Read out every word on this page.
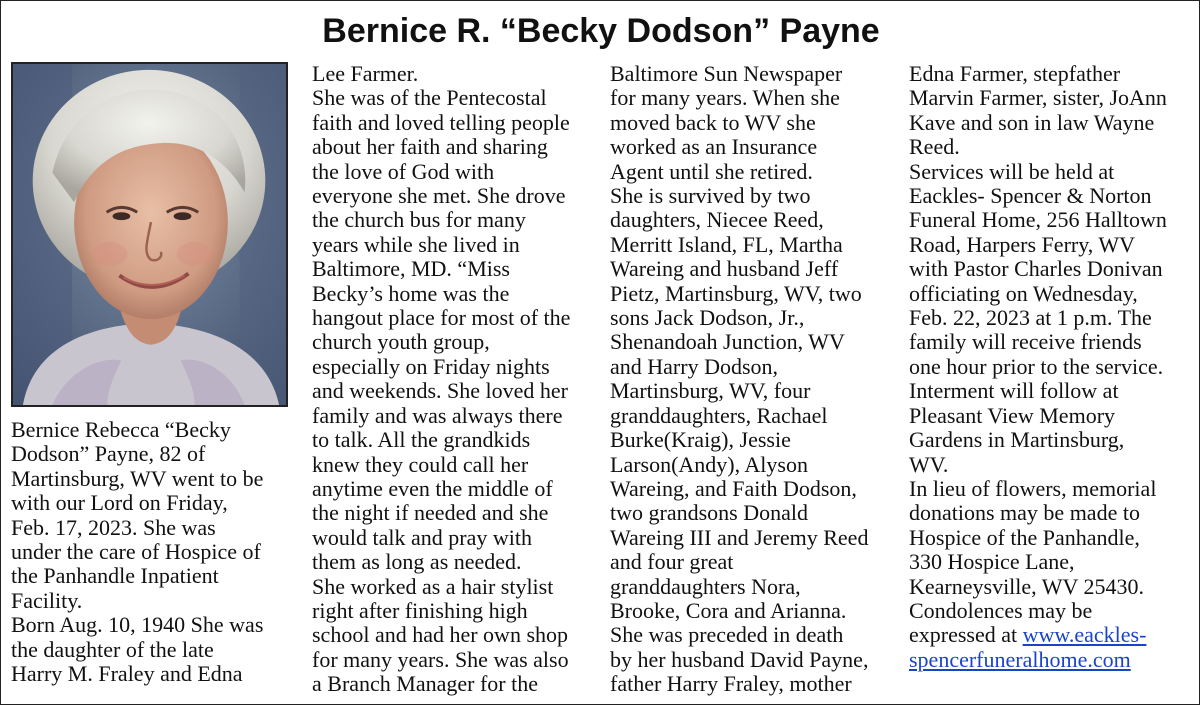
Bernice R. “Becky Dodson” Payne
Bernice Rebecca “Becky
Dodson” Payne, 82 of
Martinsburg, WV went to be
with our Lord on Friday,
Feb. 17, 2023. She was
under the care of Hospice of
the Panhandle Inpatient
Facility.
Born Aug. 10, 1940 She was
the daughter of the late
Harry M. Fraley and Edna
Lee Farmer.
She was of the Pentecostal
faith and loved telling people
about her faith and sharing
the love of God with
everyone she met. She drove
the church bus for many
years while she lived in
Baltimore, MD. “Miss
Becky’s home was the
hangout place for most of the
church youth group,
especially on Friday nights
and weekends. She loved her
family and was always there
to talk. All the grandkids
knew they could call her
anytime even the middle of
the night if needed and she
would talk and pray with
them as long as needed.
She worked as a hair stylist
right after finishing high
school and had her own shop
for many years. She was also
a Branch Manager for the
Baltimore Sun Newspaper
for many years. When she
moved back to WV she
worked as an Insurance
Agent until she retired.
She is survived by two
daughters, Niecee Reed,
Merritt Island, FL, Martha
Wareing and husband Jeff
Pietz, Martinsburg, WV, two
sons Jack Dodson, Jr.,
Shenandoah Junction, WV
and Harry Dodson,
Martinsburg, WV, four
granddaughters, Rachael
Burke(Kraig), Jessie
Larson(Andy), Alyson
Wareing, and Faith Dodson,
two grandsons Donald
Wareing III and Jeremy Reed
and four great
granddaughters Nora,
Brooke, Cora and Arianna.
She was preceded in death
by her husband David Payne,
father Harry Fraley, mother
Edna Farmer, stepfather
Marvin Farmer, sister, JoAnn
Kave and son in law Wayne
Reed.
Services will be held at
Eackles- Spencer & Norton
Funeral Home, 256 Halltown
Road, Harpers Ferry, WV
with Pastor Charles Donivan
officiating on Wednesday,
Feb. 22, 2023 at 1 p.m. The
family will receive friends
one hour prior to the service.
Interment will follow at
Pleasant View Memory
Gardens in Martinsburg,
WV.
In lieu of flowers, memorial
donations may be made to
Hospice of the Panhandle,
330 Hospice Lane,
Kearneysville, WV 25430.
Condolences may be
expressed at www.eackles-
spencerfuneralhome.com
